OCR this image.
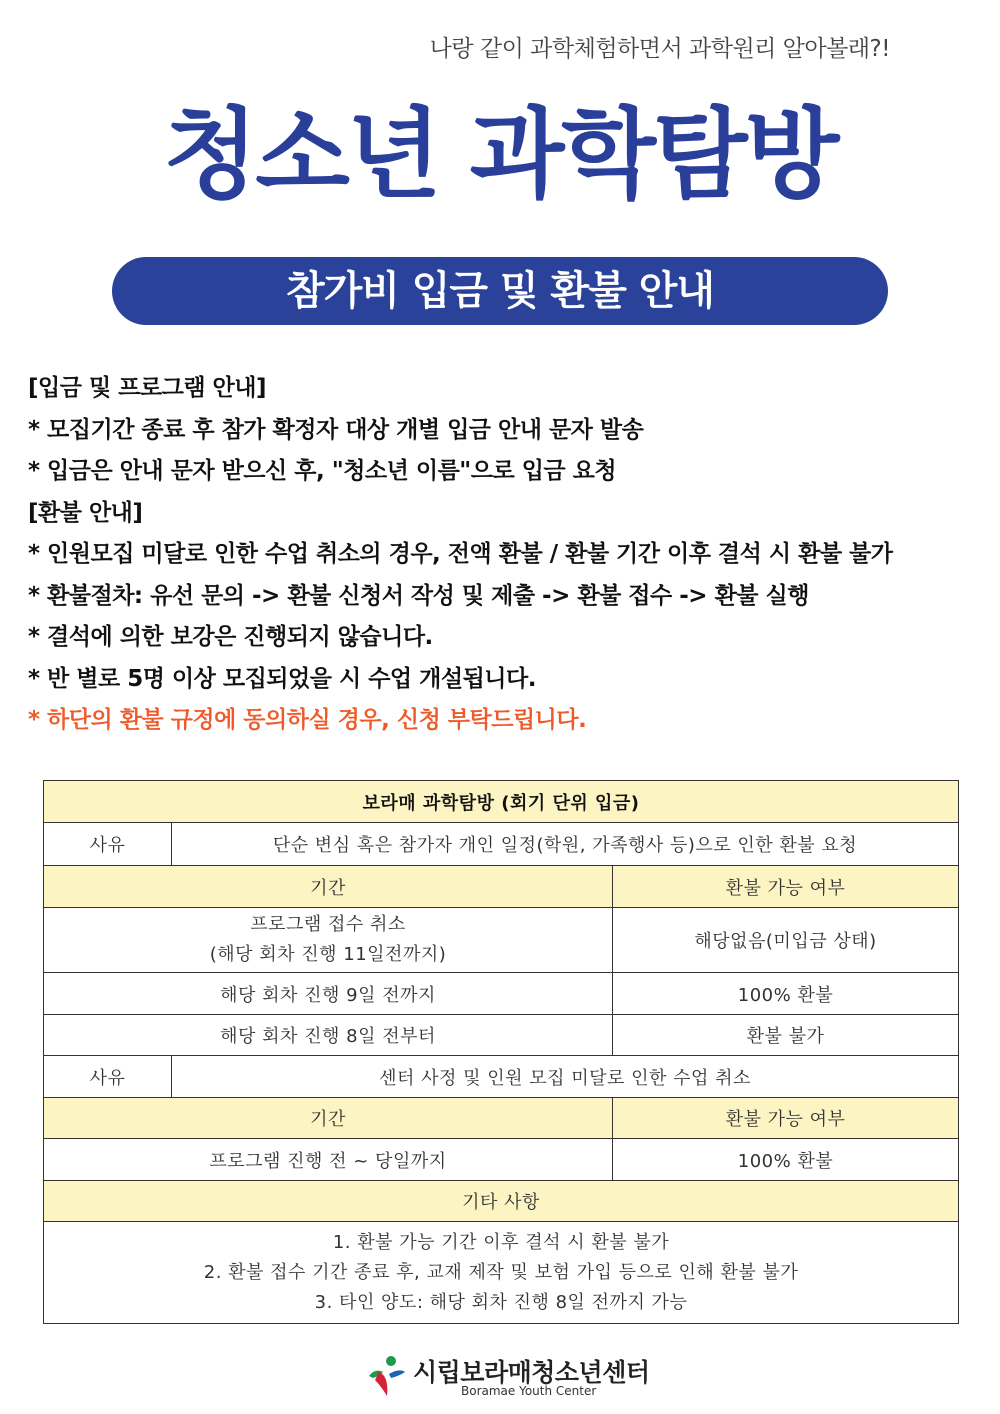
나랑 같이 과학체험하면서 과학원리 알아볼래?!
청소년 과학탐방
참가비 입금 및 환불 안내
[입금 및 프로그램 안내]
* 모집기간 종료 후 참가 확정자 대상 개별 입금 안내 문자 발송
* 입금은 안내 문자 받으신 후, "청소년 이름"으로 입금 요청
[환불 안내]
* 인원모집 미달로 인한 수업 취소의 경우, 전액 환불 / 환불 기간 이후 결석 시 환불 불가
* 환불절차: 유선 문의 -> 환불 신청서 작성 및 제출 -> 환불 접수 -> 환불 실행
* 결석에 의한 보강은 진행되지 않습니다.
* 반 별로 5명 이상 모집되었을 시 수업 개설됩니다.
* 하단의 환불 규정에 동의하실 경우, 신청 부탁드립니다.
보라매 과학탐방 (회기 단위 입금)		
사유	단순 변심 혹은 참가자 개인 일정(학원, 가족행사 등)으로 인한 환불 요청	
기간		환불 가능 여부

프로그램 접수 취소
(해당 회차 진행 11일전까지)		해당없음(미입금 상태)
해당 회차 진행 9일 전까지		100% 환불
해당 회차 진행 8일 전부터		환불 불가
사유	센터 사정 및 인원 모집 미달로 인한 수업 취소	
기간		환불 가능 여부
프로그램 진행 전 ~ 당일까지		100% 환불
기타 사항		

1. 환불 가능 기간 이후 결석 시 환불 불가
2. 환불 접수 기간 종료 후, 교재 제작 및 보험 가입 등으로 인해 환불 불가
3. 타인 양도: 해당 회차 진행 8일 전까지 가능		
시립보라매청소년센터
Boramae Youth Center
